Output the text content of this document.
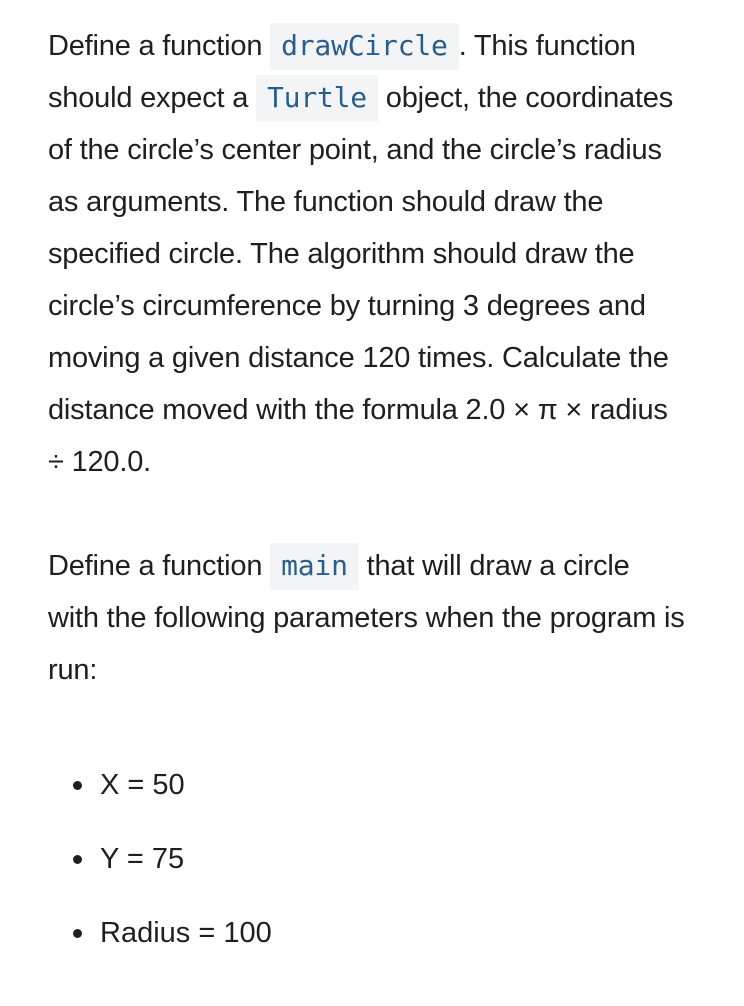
Define a function drawCircle . This function should expect a Turtle object, the coordinates of the circle’s center point, and the circle’s radius as arguments. The function should draw the specified circle. The algorithm should draw the circle’s circumference by turning 3 degrees and moving a given distance 120 times. Calculate the distance moved with the formula 2.0 × π × radius ÷ 120.0.

Define a function main that will draw a circle with the following parameters when the program is run:

X = 50
Y = 75
Radius = 100
